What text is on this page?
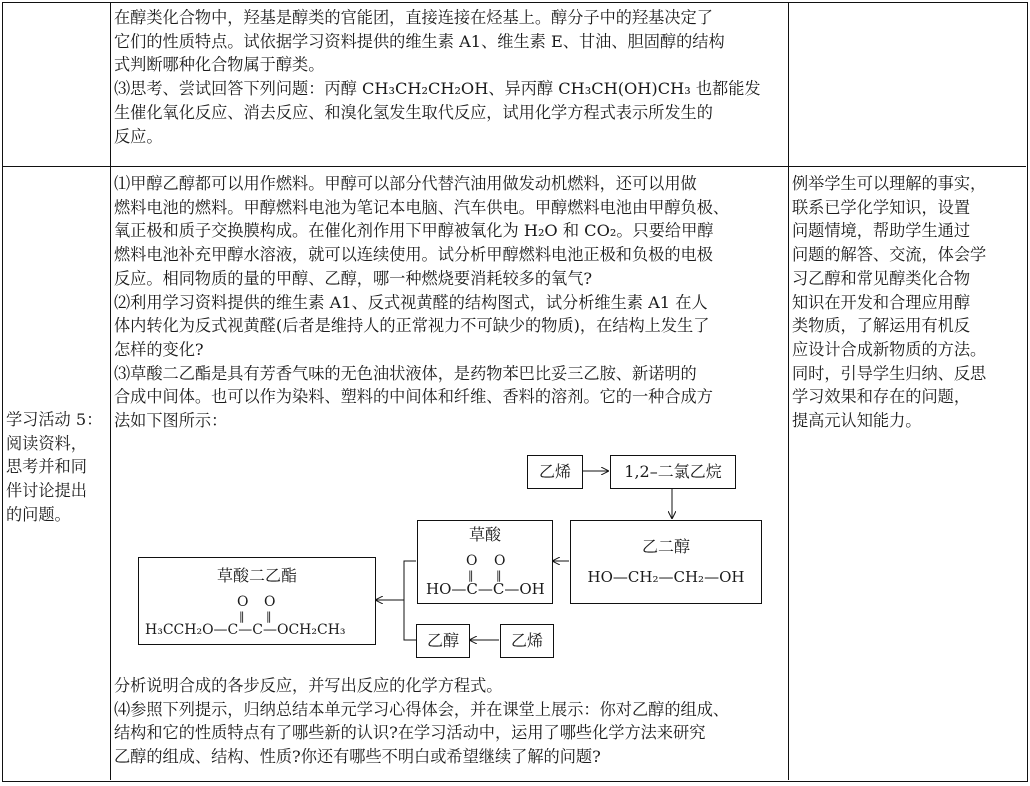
在醇类化合物中，羟基是醇类的官能团，直接连接在烃基上。醇分子中的羟基决定了
它们的性质特点。试依据学习资料提供的维生素 A1、维生素 E、甘油、胆固醇的结构
式判断哪种化合物属于醇类。
⑶思考、尝试回答下列问题：丙醇 CH₃CH₂CH₂OH、异丙醇 CH₃CH(OH)CH₃ 也都能发
生催化氧化反应、消去反应、和溴化氢发生取代反应，试用化学方程式表示所发生的
反应。
学习活动 5：
阅读资料，
思考并和同
伴讨论提出
的问题。
⑴甲醇乙醇都可以用作燃料。甲醇可以部分代替汽油用做发动机燃料，还可以用做
燃料电池的燃料。甲醇燃料电池为笔记本电脑、汽车供电。甲醇燃料电池由甲醇负极、
氧正极和质子交换膜构成。在催化剂作用下甲醇被氧化为 H₂O 和 CO₂。只要给甲醇
燃料电池补充甲醇水溶液，就可以连续使用。试分析甲醇燃料电池正极和负极的电极
反应。相同物质的量的甲醇、乙醇，哪一种燃烧要消耗较多的氧气?
⑵利用学习资料提供的维生素 A1、反式视黄醛的结构图式，试分析维生素 A1 在人
体内转化为反式视黄醛(后者是维持人的正常视力不可缺少的物质)，在结构上发生了
怎样的变化?
⑶草酸二乙酯是具有芳香气味的无色油状液体，是药物苯巴比妥三乙胺、新诺明的
合成中间体。也可以作为染料、塑料的中间体和纤维、香料的溶剂。它的一种合成方
法如下图所示：
分析说明合成的各步反应，并写出反应的化学方程式。
⑷参照下列提示，归纳总结本单元学习心得体会，并在课堂上展示：你对乙醇的组成、
结构和它的性质特点有了哪些新的认识?在学习活动中，运用了哪些化学方法来研究
乙醇的组成、结构、性质?你还有哪些不明白或希望继续了解的问题?
例举学生可以理解的事实，
联系已学化学知识，设置
问题情境，帮助学生通过
问题的解答、交流，体会学
习乙醇和常见醇类化合物
知识在开发和合理应用醇
类物质，了解运用有机反
应设计合成新物质的方法。
同时，引导学生归纳、反思
学习效果和存在的问题，
提高元认知能力。
乙烯	1,2–二氯乙烷
乙二醇
HO—CH₂—CH₂—OH
草酸
O O
‖ ‖
HO—C—C—OH
草酸二乙酯
O O
‖ ‖
H₃CCH₂O—C—C—OCH₂CH₃
乙醇	乙烯
